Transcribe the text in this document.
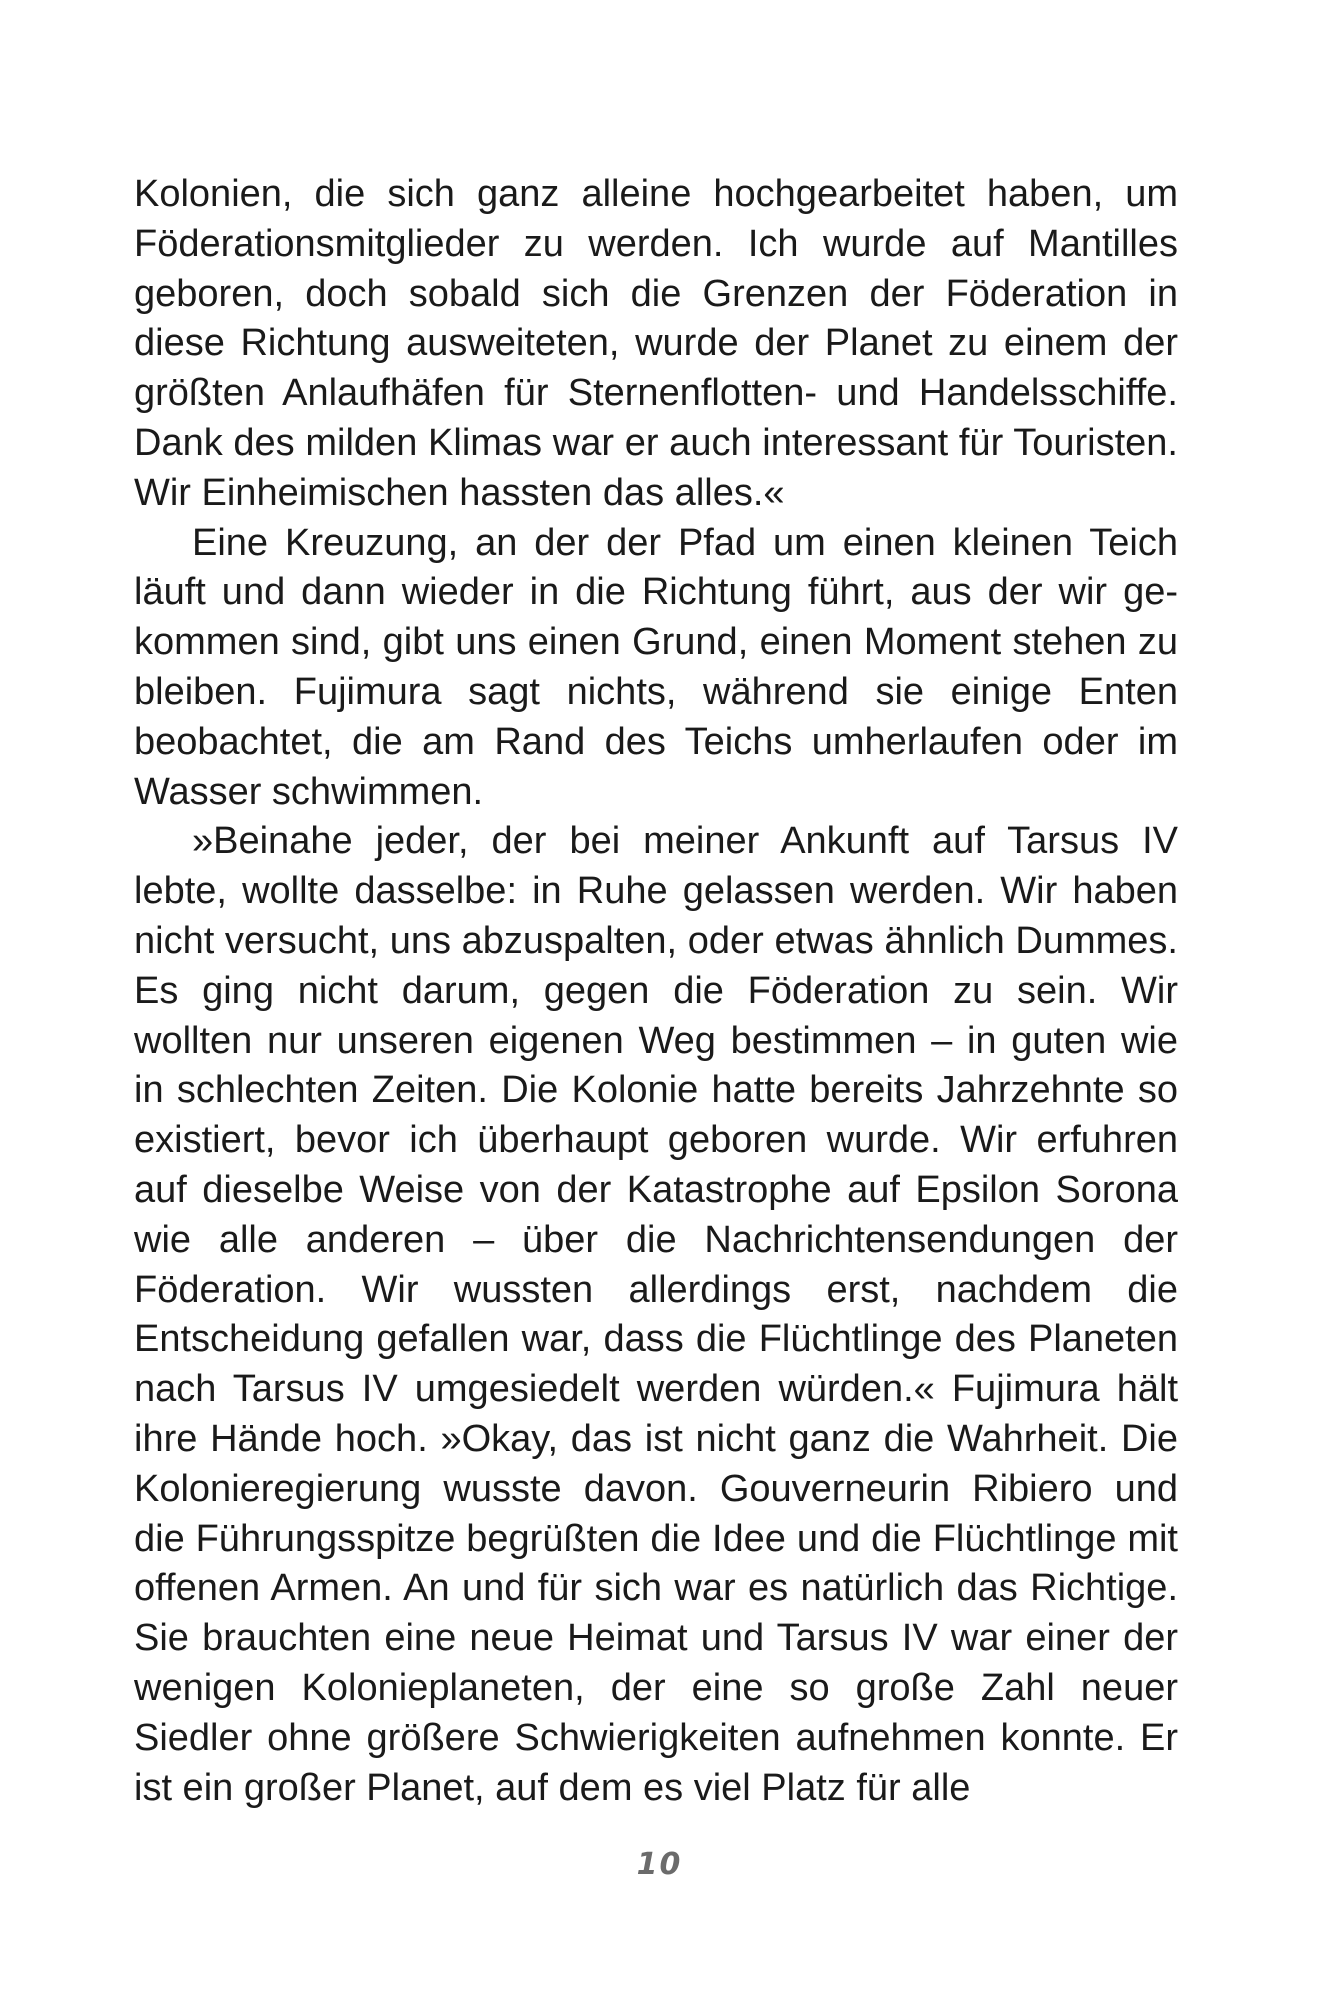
Kolonien, die sich ganz alleine hochgearbeitet haben, um Föderationsmitglieder zu werden. Ich wurde auf Mantilles geboren, doch sobald sich die Grenzen der Föderation in diese Richtung ausweiteten, wurde der Planet zu einem der größten Anlaufhäfen für Sternenflotten- und Handelsschiffe. Dank des milden Klimas war er auch interessant für Touristen. Wir Einheimischen hassten das alles.«

Eine Kreuzung, an der der Pfad um einen kleinen Teich läuft und dann wieder in die Richtung führt, aus der wir gekommen sind, gibt uns einen Grund, einen Moment stehen zu bleiben. Fujimura sagt nichts, während sie einige Enten beobachtet, die am Rand des Teichs umherlaufen oder im Wasser schwimmen.

»Beinahe jeder, der bei meiner Ankunft auf Tarsus IV lebte, wollte dasselbe: in Ruhe gelassen werden. Wir haben nicht versucht, uns abzuspalten, oder etwas ähnlich Dummes. Es ging nicht darum, gegen die Föderation zu sein. Wir wollten nur unseren eigenen Weg bestimmen – in guten wie in schlechten Zeiten. Die Kolonie hatte bereits Jahrzehnte so existiert, bevor ich überhaupt geboren wurde. Wir erfuhren auf dieselbe Weise von der Katastrophe auf Epsilon Sorona wie alle anderen – über die Nachrichtensendungen der Föderation. Wir wussten allerdings erst, nachdem die Entscheidung gefallen war, dass die Flüchtlinge des Planeten nach Tarsus IV umgesiedelt werden würden.« Fujimura hält ihre Hände hoch. »Okay, das ist nicht ganz die Wahrheit. Die Kolonieregierung wusste davon. Gouverneurin Ribiero und die Führungsspitze begrüßten die Idee und die Flüchtlinge mit offenen Armen. An und für sich war es natürlich das Richtige. Sie brauchten eine neue Heimat und Tarsus IV war einer der wenigen Kolonieplaneten, der eine so große Zahl neuer Siedler ohne größere Schwierigkeiten aufnehmen konnte. Er ist ein großer Planet, auf dem es viel Platz für alle

10
